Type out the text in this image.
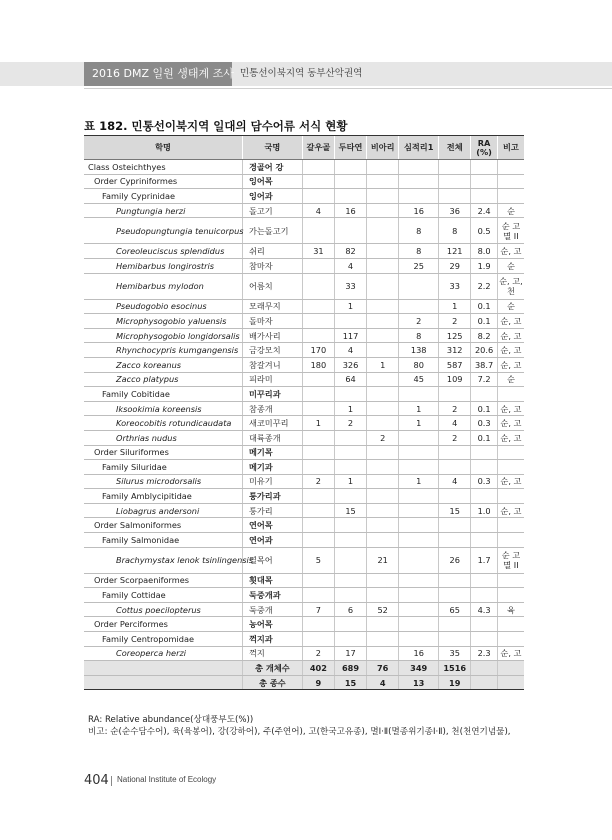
2016 DMZ 일원 생태계 조사 민통선이북지역 동부산악권역
표 182. 민통선이북지역 일대의 담수어류 서식 현황
학명	국명	갈우골	두타연	비아리	심적리1	전체	RA (%)	비고
Class Osteichthyes	경골어 강							
Order Cypriniformes	잉어목							
Family Cyprinidae	잉어과							
Pungtungia herzi	돌고기	4	16		16	36	2.4	순
Pseudopungtungia tenuicorpus	가는돌고기				8	8	0.5	순 고 멸 II
Coreoleuciscus splendidus	쉬리	31	82		8	121	8.0	순, 고
Hemibarbus longirostris	참마자		4		25	29	1.9	순
Hemibarbus mylodon	어름치		33			33	2.2	순, 고, 천
Pseudogobio esocinus	모래무지		1			1	0.1	순
Microphysogobio yaluensis	돌마자				2	2	0.1	순, 고
Microphysogobio longidorsalis	배가사리		117		8	125	8.2	순, 고
Rhynchocypris kumgangensis	금강모치	170	4		138	312	20.6	순, 고
Zacco koreanus	참갈겨니	180	326	1	80	587	38.7	순, 고
Zacco platypus	피라미		64		45	109	7.2	순
Family Cobitidae	미꾸리과							
Iksookimia koreensis	참종개		1		1	2	0.1	순, 고
Koreocobitis rotundicaudata	새코미꾸리	1	2		1	4	0.3	순, 고
Orthrias nudus	대륙종개			2		2	0.1	순, 고
Order Siluriformes	메기목							
Family Siluridae	메기과							
Silurus microdorsalis	미유기	2	1		1	4	0.3	순, 고
Family Amblycipitidae	퉁가리과							
Liobagrus andersoni	퉁가리		15			15	1.0	순, 고
Order Salmoniformes	연어목							
Family Salmonidae	연어과							
Brachymystax lenok tsinlingensis	열목어	5		21		26	1.7	순 고 멸 II
Order Scorpaeniformes	횟대목							
Family Cottidae	둑중개과							
Cottus poecilopterus	둑중개	7	6	52		65	4.3	육
Order Perciformes	농어목							
Family Centropomidae	꺽지과							
Coreoperca herzi	꺽지	2	17		16	35	2.3	순, 고
	총 개체수	402	689	76	349	1516		
	총 종수	9	15	4	13	19		
RA: Relative abundance(상대풍부도(%))
비고: 순(순수담수어), 육(육봉어), 강(강하어), 주(주연어), 고(한국고유종), 멸Ⅰ·Ⅱ(멸종위기종Ⅰ·Ⅱ), 천(천연기념물),
404 National Institute of Ecology
